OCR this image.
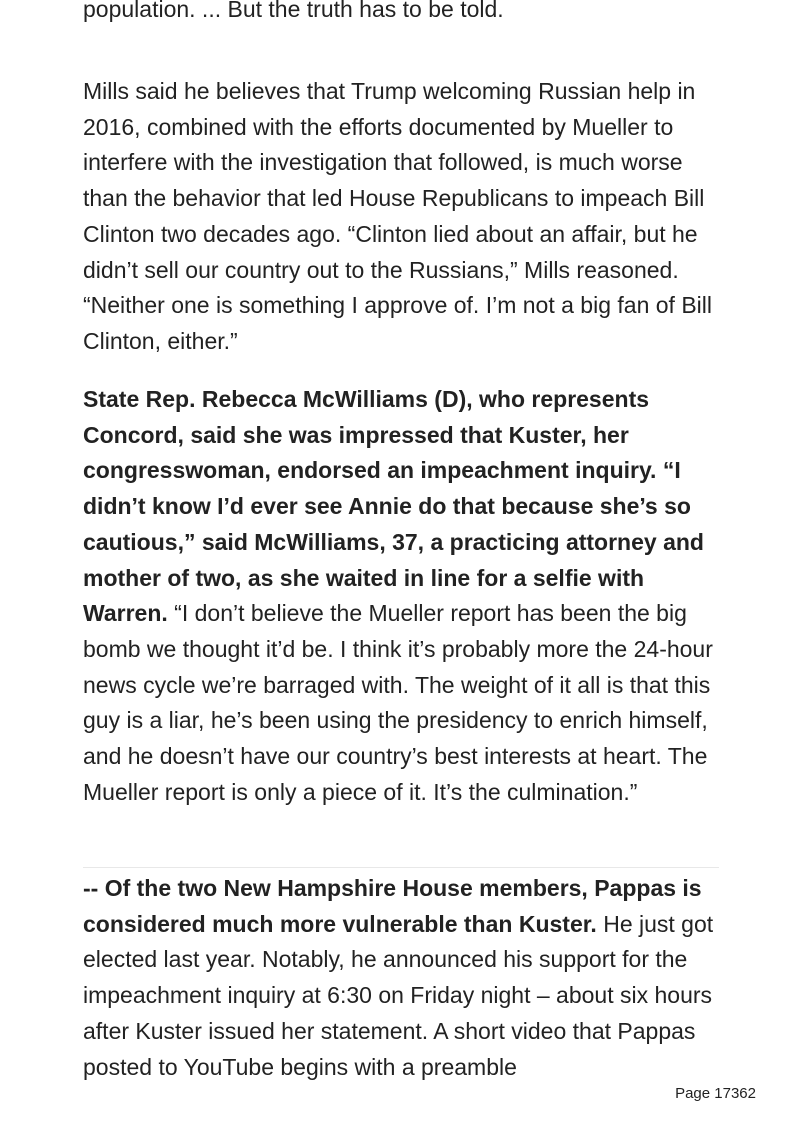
population. ... But the truth has to be told.

Mills said he believes that Trump welcoming Russian help in 2016, combined with the efforts documented by Mueller to interfere with the investigation that followed, is much worse than the behavior that led House Republicans to impeach Bill Clinton two decades ago. “Clinton lied about an affair, but he didn’t sell our country out to the Russians,” Mills reasoned. “Neither one is something I approve of. I’m not a big fan of Bill Clinton, either.”

State Rep. Rebecca McWilliams (D), who represents Concord, said she was impressed that Kuster, her congresswoman, endorsed an impeachment inquiry. “I didn’t know I’d ever see Annie do that because she’s so cautious,” said McWilliams, 37, a practicing attorney and mother of two, as she waited in line for a selfie with Warren. “I don’t believe the Mueller report has been the big bomb we thought it’d be. I think it’s probably more the 24-hour news cycle we’re barraged with. The weight of it all is that this guy is a liar, he’s been using the presidency to enrich himself, and he doesn’t have our country’s best interests at heart. The Mueller report is only a piece of it. It’s the culmination.”

-- Of the two New Hampshire House members, Pappas is considered much more vulnerable than Kuster. He just got elected last year. Notably, he announced his support for the impeachment inquiry at 6:30 on Friday night – about six hours after Kuster issued her statement. A short video that Pappas posted to YouTube begins with a preamble

Page 17362
